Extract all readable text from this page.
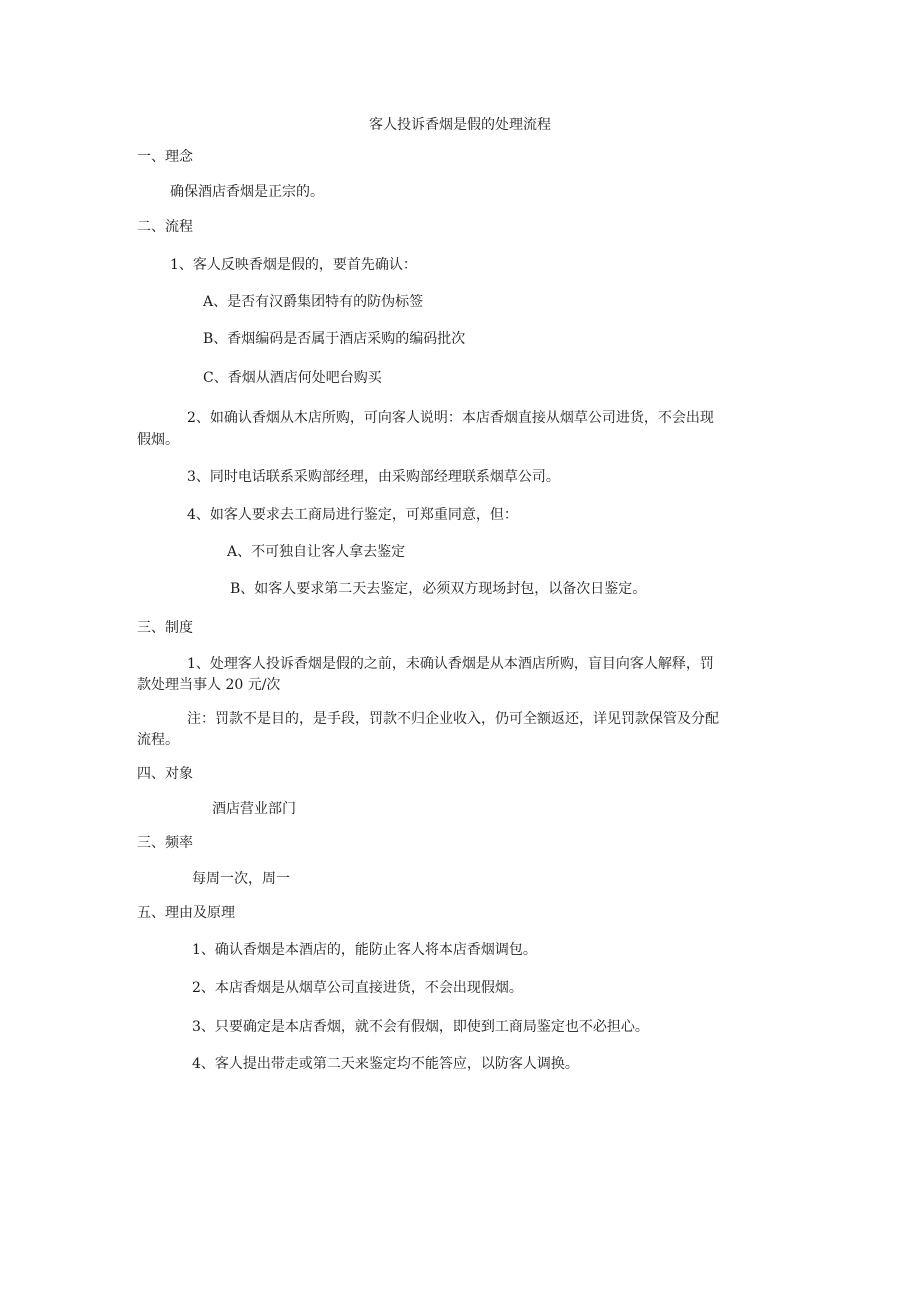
客人投诉香烟是假的处理流程
一、理念
确保酒店香烟是正宗的。
二、流程
1、客人反映香烟是假的，要首先确认：
A、是否有汉爵集团特有的防伪标签
B、香烟编码是否属于酒店采购的编码批次
C、香烟从酒店何处吧台购买
2、如确认香烟从木店所购，可向客人说明：本店香烟直接从烟草公司进货，不会出现
假烟。
3、同时电话联系采购部经理，由采购部经理联系烟草公司。
4、如客人要求去工商局进行鉴定，可郑重同意，但：
A、不可独自让客人拿去鉴定
B、如客人要求第二天去鉴定，必须双方现场封包，以备次日鉴定。
三、制度
1、处理客人投诉香烟是假的之前，未确认香烟是从本酒店所购，盲目向客人解释，罚
款处理当事人 20 元/次
注：罚款不是目的，是手段，罚款不归企业收入，仍可全额返还，详见罚款保管及分配
流程。
四、对象
酒店营业部门
三、频率
每周一次，周一
五、理由及原理
1、确认香烟是本酒店的，能防止客人将本店香烟调包。
2、本店香烟是从烟草公司直接进货，不会出现假烟。
3、只要确定是本店香烟，就不会有假烟，即使到工商局鉴定也不必担心。
4、客人提出带走或第二天来鉴定均不能答应，以防客人调换。
